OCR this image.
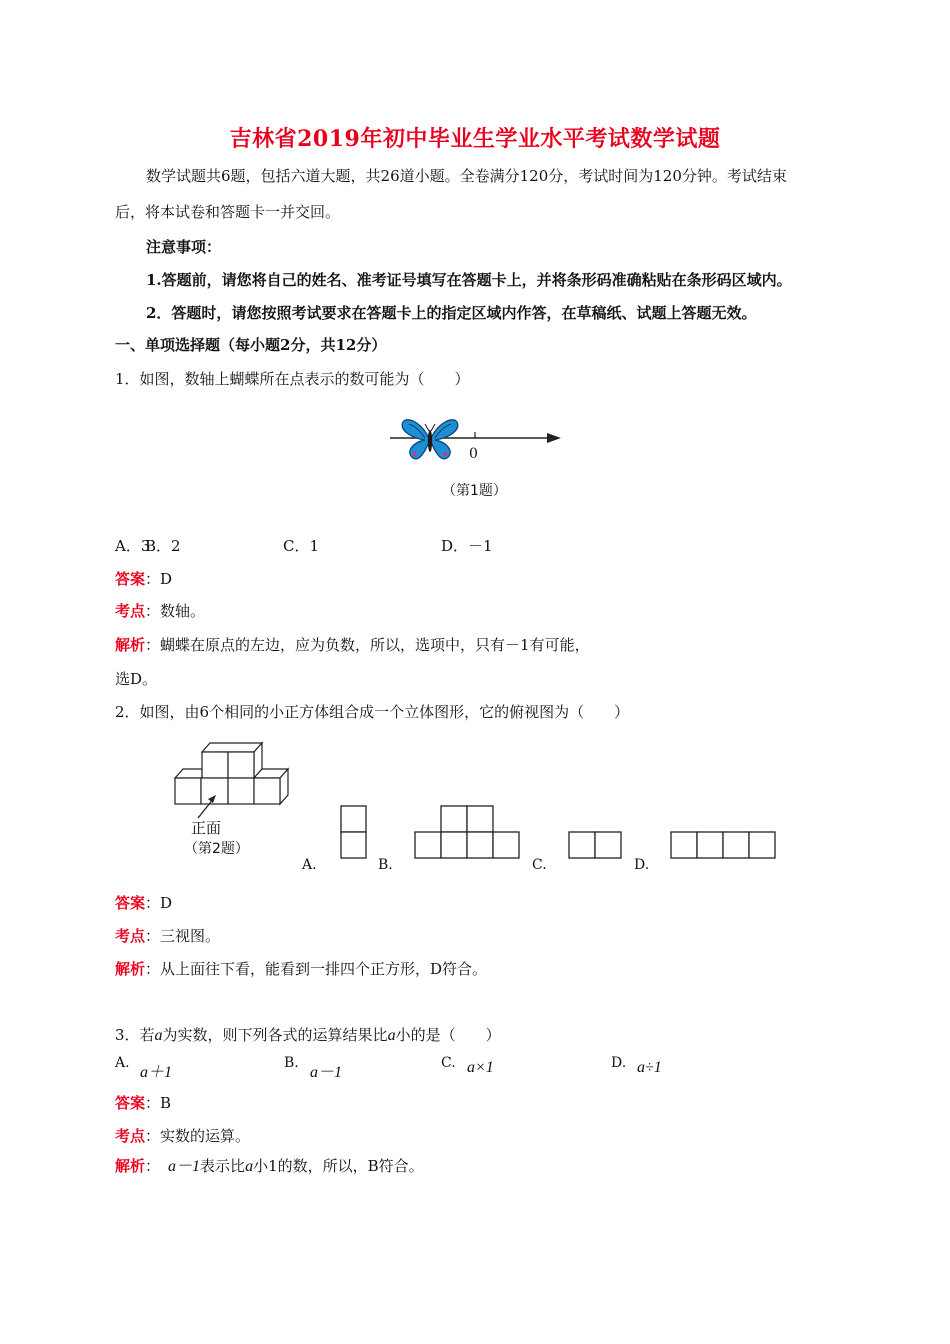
吉林省2019年初中毕业生学业水平考试数学试题
数学试题共6题，包括六道大题，共26道小题。全卷满分120分，考试时间为120分钟。考试结束
后，将本试卷和答题卡一并交回。
注意事项：
1.答题前，请您将自己的姓名、准考证号填写在答题卡上，并将条形码准确粘贴在条形码区域内。
2．答题时，请您按照考试要求在答题卡上的指定区域内作答，在草稿纸、试题上答题无效。
一、单项选择题（每小题2分，共12分）
1．如图，数轴上蝴蝶所在点表示的数可能为（　　）
0
（第1题）
A．3
B．2	C．1	D．－1
答案：D
考点：数轴。
解析：蝴蝶在原点的左边，应为负数，所以，选项中，只有－1有可能，
选D。
2．如图，由6个相同的小正方体组合成一个立体图形，它的俯视图为（　　）
正面
（第2题）
A.	B.	C.	D.
答案：D
考点：三视图。
解析：从上面往下看，能看到一排四个正方形，D符合。
3．若a为实数，则下列各式的运算结果比a小的是（　　）
A.
a＋1
B.
a－1
C. a×1	D. a÷1
答案：B
考点：实数的运算。
解析： a－1表示比a小1的数，所以，B符合。
